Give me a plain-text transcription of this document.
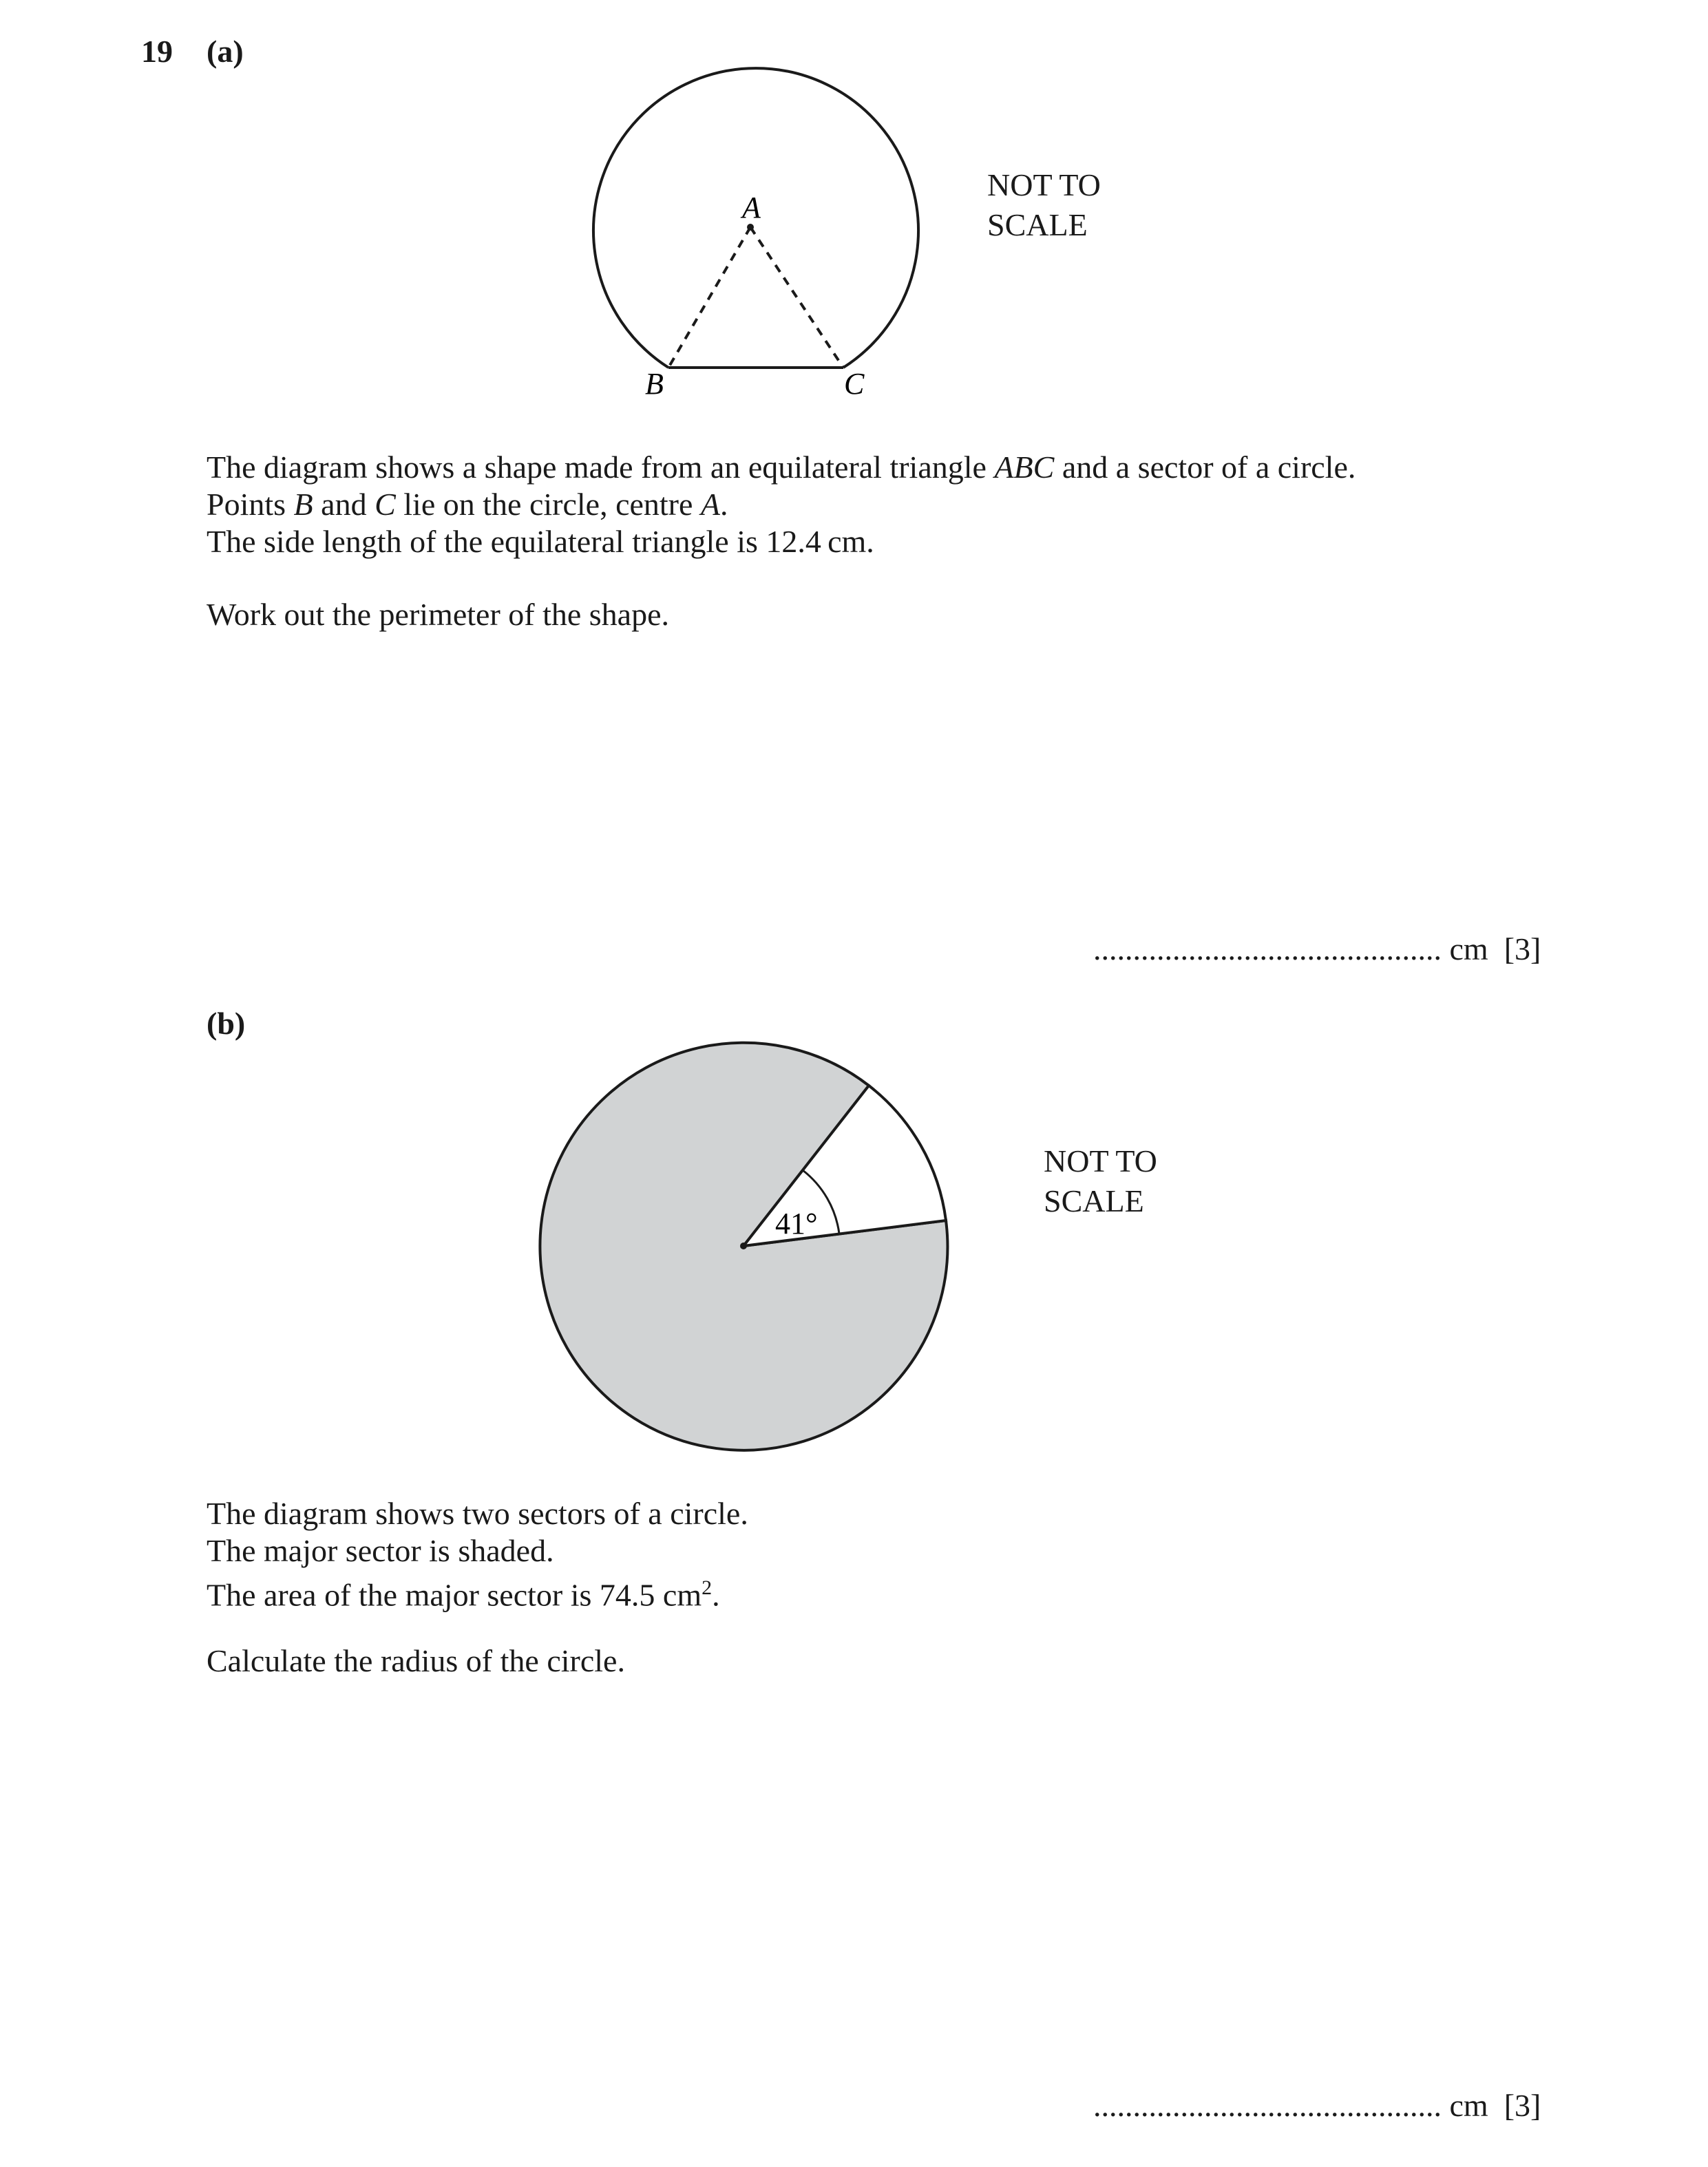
19 (a)
A
B	C
NOT TO
SCALE
The diagram shows a shape made from an equilateral triangle ABC and a sector of a circle.
Points B and C lie on the circle, centre A.
The side length of the equilateral triangle is 12.4 cm.
Work out the perimeter of the shape.
............................................ cm [3]
(b)
41°
NOT TO
SCALE
The diagram shows two sectors of a circle.
The major sector is shaded.
The area of the major sector is 74.5 $cm^2$.
Calculate the radius of the circle.
............................................ cm [3]
